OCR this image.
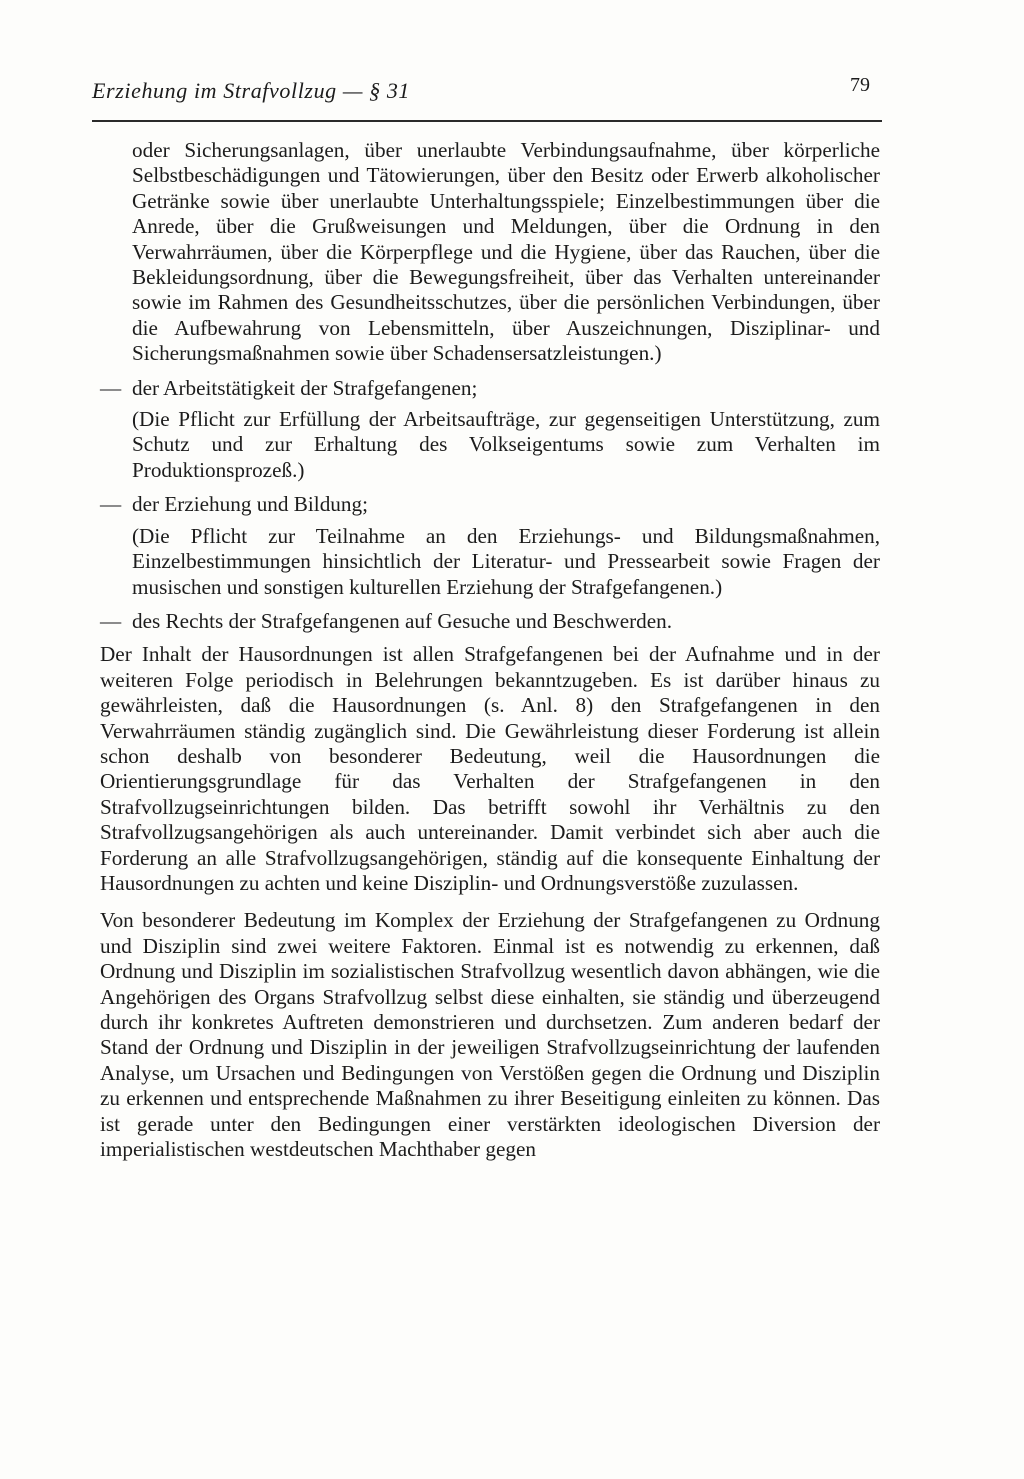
Erziehung im Strafvollzug — § 31	79

oder Sicherungsanlagen, über unerlaubte Verbindungsaufnahme, über körperliche Selbstbeschädigungen und Tätowierungen, über den Besitz oder Erwerb alkoholischer Getränke sowie über unerlaubte Unterhaltungsspiele; Einzelbestimmungen über die Anrede, über die Grußweisungen und Meldungen, über die Ordnung in den Verwahrräumen, über die Körperpflege und die Hygiene, über das Rauchen, über die Bekleidungsordnung, über die Bewegungsfreiheit, über das Verhalten untereinander sowie im Rahmen des Gesundheitsschutzes, über die persönlichen Verbindungen, über die Aufbewahrung von Lebensmitteln, über Auszeichnungen, Disziplinar- und Sicherungsmaßnahmen sowie über Schadensersatzleistungen.)

— der Arbeitstätigkeit der Strafgefangenen;
(Die Pflicht zur Erfüllung der Arbeitsaufträge, zur gegenseitigen Unterstützung, zum Schutz und zur Erhaltung des Volkseigentums sowie zum Verhalten im Produktionsprozeß.)
— der Erziehung und Bildung;
(Die Pflicht zur Teilnahme an den Erziehungs- und Bildungsmaßnahmen, Einzelbestimmungen hinsichtlich der Literatur- und Pressearbeit sowie Fragen der musischen und sonstigen kulturellen Erziehung der Strafgefangenen.)
— des Rechts der Strafgefangenen auf Gesuche und Beschwerden.

Der Inhalt der Hausordnungen ist allen Strafgefangenen bei der Aufnahme und in der weiteren Folge periodisch in Belehrungen bekanntzugeben. Es ist darüber hinaus zu gewährleisten, daß die Hausordnungen (s. Anl. 8) den Strafgefangenen in den Verwahrräumen ständig zugänglich sind. Die Gewährleistung dieser Forderung ist allein schon deshalb von besonderer Bedeutung, weil die Hausordnungen die Orientierungsgrundlage für das Verhalten der Strafgefangenen in den Strafvollzugseinrichtungen bilden. Das betrifft sowohl ihr Verhältnis zu den Strafvollzugsangehörigen als auch untereinander. Damit verbindet sich aber auch die Forderung an alle Strafvollzugsangehörigen, ständig auf die konsequente Einhaltung der Hausordnungen zu achten und keine Disziplin- und Ordnungsverstöße zuzulassen.

Von besonderer Bedeutung im Komplex der Erziehung der Strafgefangenen zu Ordnung und Disziplin sind zwei weitere Faktoren. Einmal ist es notwendig zu erkennen, daß Ordnung und Disziplin im sozialistischen Strafvollzug wesentlich davon abhängen, wie die Angehörigen des Organs Strafvollzug selbst diese einhalten, sie ständig und überzeugend durch ihr konkretes Auftreten demonstrieren und durchsetzen. Zum anderen bedarf der Stand der Ordnung und Disziplin in der jeweiligen Strafvollzugseinrichtung der laufenden Analyse, um Ursachen und Bedingungen von Verstößen gegen die Ordnung und Disziplin zu erkennen und entsprechende Maßnahmen zu ihrer Beseitigung einleiten zu können. Das ist gerade unter den Bedingungen einer verstärkten ideologischen Diversion der imperialistischen westdeutschen Machthaber gegen
